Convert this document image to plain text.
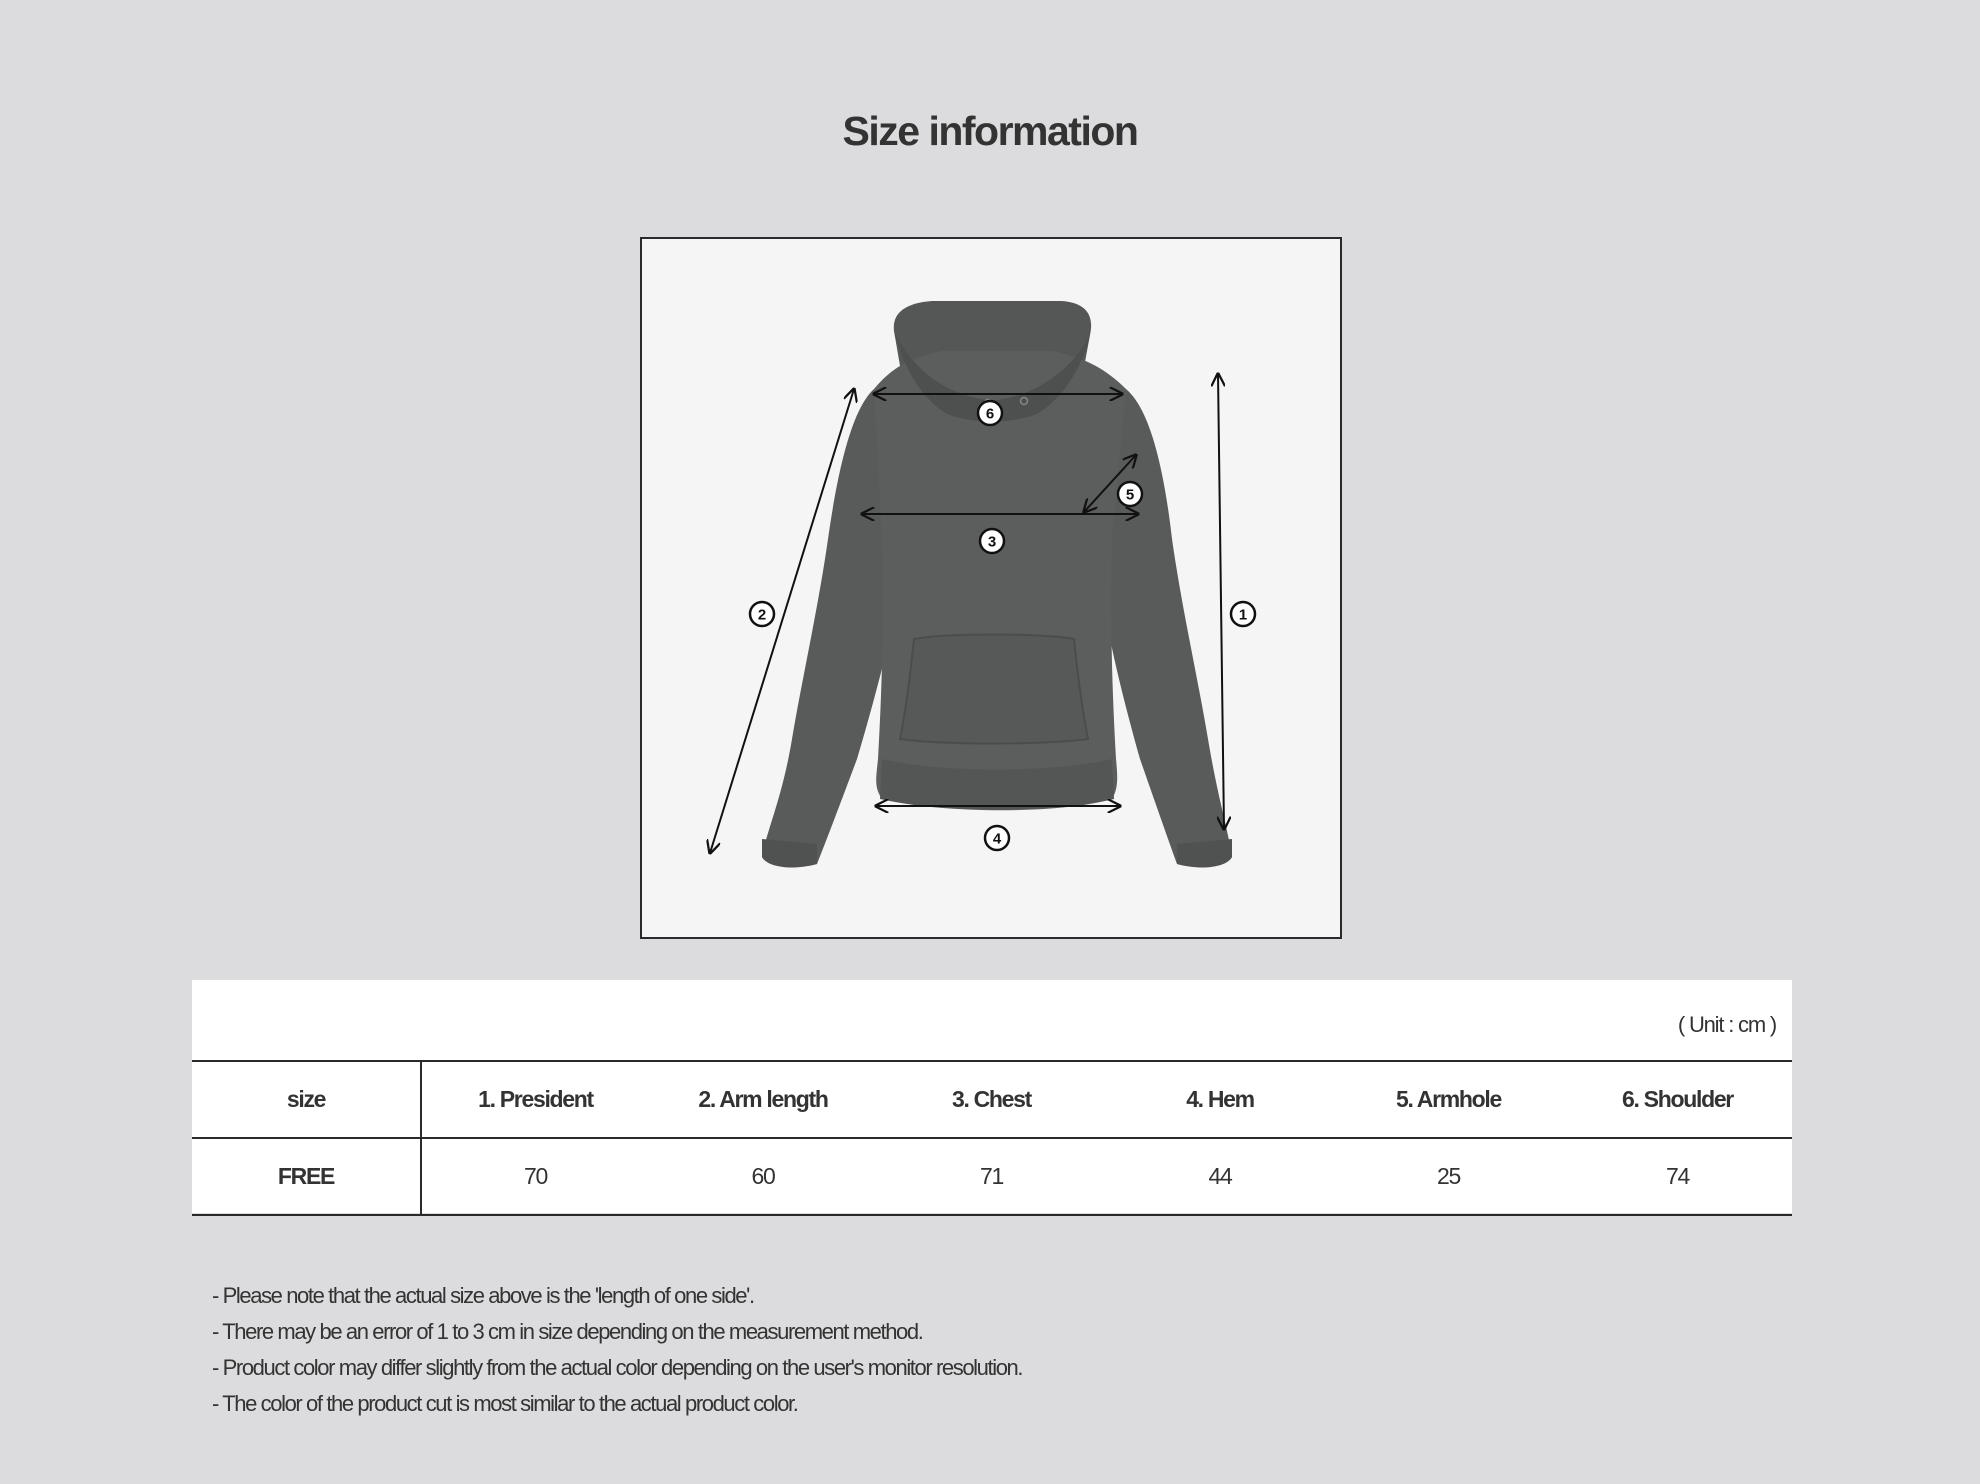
Size information
6
5
3
2	1
4
( Unit : cm )
size	1. President	2. Arm length	3. Chest	4. Hem	5. Armhole	6. Shoulder
FREE	70	60	71	44	25	74
- Please note that the actual size above is the 'length of one side'.
- There may be an error of 1 to 3 cm in size depending on the measurement method.
- Product color may differ slightly from the actual color depending on the user's monitor resolution.
- The color of the product cut is most similar to the actual product color.
